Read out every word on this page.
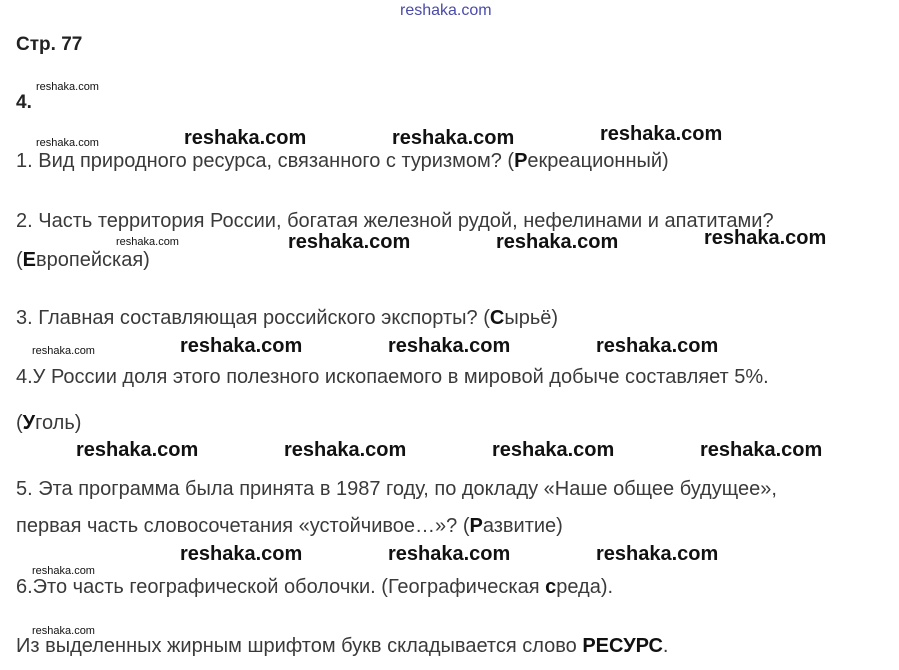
reshaka.com
Стр. 77
4.
reshaka.com
reshaka.com	reshaka.com	reshaka.com	reshaka.com
1. Вид природного ресурса, связанного с туризмом? (Рекреационный)
2. Часть территория России, богатая железной рудой, нефелинами и апатитами?
reshaka.com	reshaka.com	reshaka.com	reshaka.com
(Европейская)
3. Главная составляющая российского экспорты? (Сырьё)
reshaka.com	reshaka.com	reshaka.com	reshaka.com
4.У России доля этого полезного ископаемого в мировой добыче составляет 5%.
(Уголь)
reshaka.com	reshaka.com	reshaka.com	reshaka.com
5. Эта программа была принята в 1987 году, по докладу «Наше общее будущее»,
первая часть словосочетания «устойчивое…»? (Развитие)
reshaka.com
reshaka.com	reshaka.com	reshaka.com
6.Это часть географической оболочки. (Географическая среда).
reshaka.com
Из выделенных жирным шрифтом букв складывается слово РЕСУРС.
